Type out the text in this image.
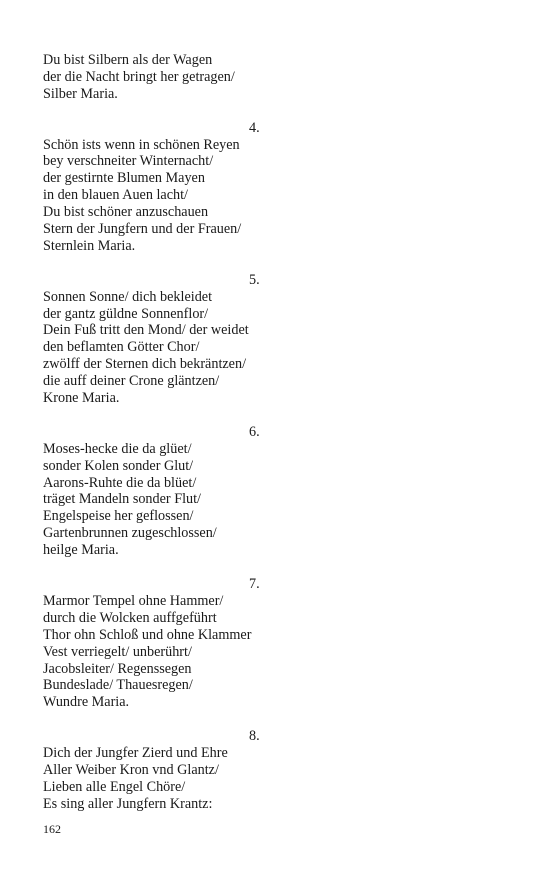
Du bist Silbern als der Wagen
der die Nacht bringt her getragen/
Silber Maria.
4.
Schön ists wenn in schönen Reyen
bey verschneiter Winternacht/
der gestirnte Blumen Mayen
in den blauen Auen lacht/
Du bist schöner anzuschauen
Stern der Jungfern und der Frauen/
Sternlein Maria.
5.
Sonnen Sonne/ dich bekleidet
der gantz güldne Sonnenflor/
Dein Fuß tritt den Mond/ der weidet
den beflamten Götter Chor/
zwölff der Sternen dich bekräntzen/
die auff deiner Crone gläntzen/
Krone Maria.
6.
Moses-hecke die da glüet/
sonder Kolen sonder Glut/
Aarons-Ruhte die da blüet/
träget Mandeln sonder Flut/
Engelspeise her geflossen/
Gartenbrunnen zugeschlossen/
heilge Maria.
7.
Marmor Tempel ohne Hammer/
durch die Wolcken auffgeführt
Thor ohn Schloß und ohne Klammer
Vest verriegelt/ unberührt/
Jacobsleiter/ Regenssegen
Bundeslade/ Thauesregen/
Wundre Maria.
8.
Dich der Jungfer Zierd und Ehre
Aller Weiber Kron vnd Glantz/
Lieben alle Engel Chöre/
Es sing aller Jungfern Krantz:
162
